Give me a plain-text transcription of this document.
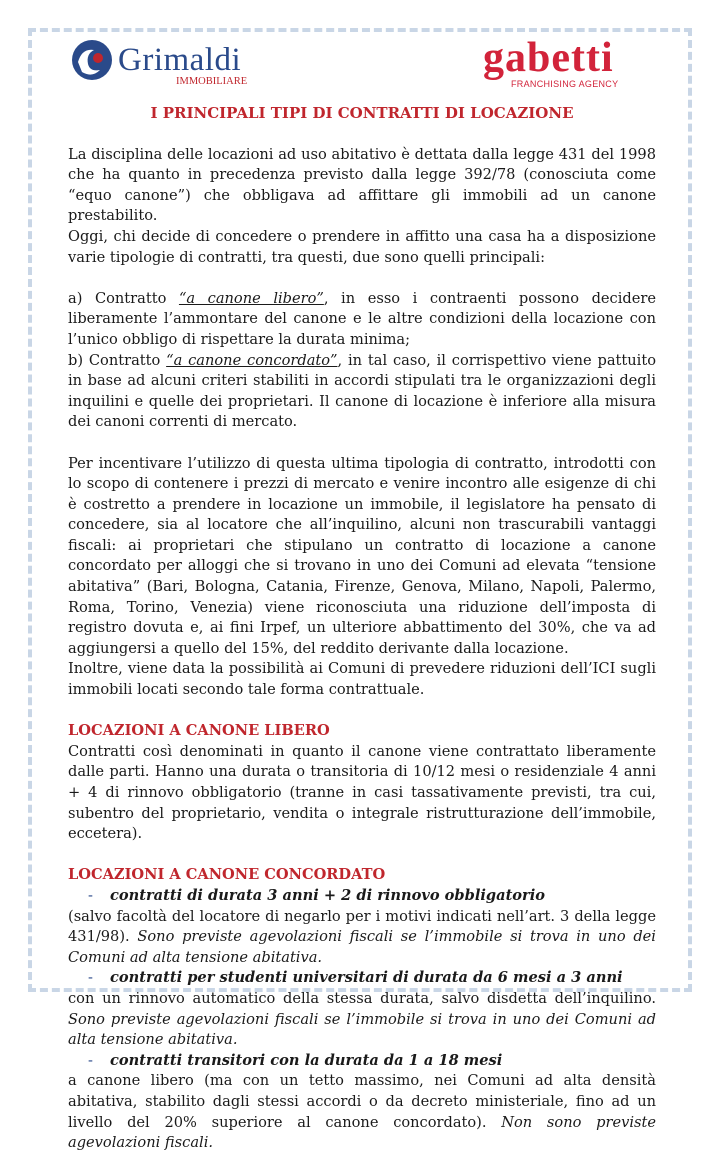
Grimaldi
IMMOBILIARE
gabetti
FRANCHISING AGENCY
I PRINCIPALI TIPI DI CONTRATTI DI LOCAZIONE

La disciplina delle locazioni ad uso abitativo è dettata dalla legge 431 del 1998 che ha quanto in precedenza previsto dalla legge 392/78 (conosciuta come “equo canone”) che obbligava ad affittare gli immobili ad un canone prestabilito.

Oggi, chi decide di concedere o prendere in affitto una casa ha a disposizione varie tipologie di contratti, tra questi, due sono quelli principali:

a) Contratto “a canone libero”, in esso i contraenti possono decidere liberamente l’ammontare del canone e le altre condizioni della locazione con l’unico obbligo di rispettare la durata minima;

b) Contratto “a canone concordato”, in tal caso, il corrispettivo viene pattuito in base ad alcuni criteri stabiliti in accordi stipulati tra le organizzazioni degli inquilini e quelle dei proprietari. Il canone di locazione è inferiore alla misura dei canoni correnti di mercato.

Per incentivare l’utilizzo di questa ultima tipologia di contratto, introdotti con lo scopo di contenere i prezzi di mercato e venire incontro alle esigenze di chi è costretto a prendere in locazione un immobile, il legislatore ha pensato di concedere, sia al locatore che all’inquilino, alcuni non trascurabili vantaggi fiscali: ai proprietari che stipulano un contratto di locazione a canone concordato per alloggi che si trovano in uno dei Comuni ad elevata “tensione abitativa” (Bari, Bologna, Catania, Firenze, Genova, Milano, Napoli, Palermo, Roma, Torino, Venezia) viene riconosciuta una riduzione dell’imposta di registro dovuta e, ai fini Irpef, un ulteriore abbattimento del 30%, che va ad aggiungersi a quello del 15%, del reddito derivante dalla locazione.

Inoltre, viene data la possibilità ai Comuni di prevedere riduzioni dell’ICI sugli immobili locati secondo tale forma contrattuale.

LOCAZIONI A CANONE LIBERO

Contratti così denominati in quanto il canone viene contrattato liberamente dalle parti. Hanno una durata o transitoria di 10/12 mesi o residenziale 4 anni + 4 di rinnovo obbligatorio (tranne in casi tassativamente previsti, tra cui, subentro del proprietario, vendita o integrale ristrutturazione dell’immobile, eccetera).

LOCAZIONI A CANONE CONCORDATO
- contratti di durata 3 anni + 2 di rinnovo obbligatorio

(salvo facoltà del locatore di negarlo per i motivi indicati nell’art. 3 della legge 431/98). Sono previste agevolazioni fiscali se l’immobile si trova in uno dei Comuni ad alta tensione abitativa.

- contratti per studenti universitari di durata da 6 mesi a 3 anni

con un rinnovo automatico della stessa durata, salvo disdetta dell’inquilino. Sono previste agevolazioni fiscali se l’immobile si trova in uno dei Comuni ad alta tensione abitativa.

- contratti transitori con la durata da 1 a 18 mesi

a canone libero (ma con un tetto massimo, nei Comuni ad alta densità abitativa, stabilito dagli stessi accordi o da decreto ministeriale, fino ad un livello del 20% superiore al canone concordato). Non sono previste agevolazioni fiscali.
